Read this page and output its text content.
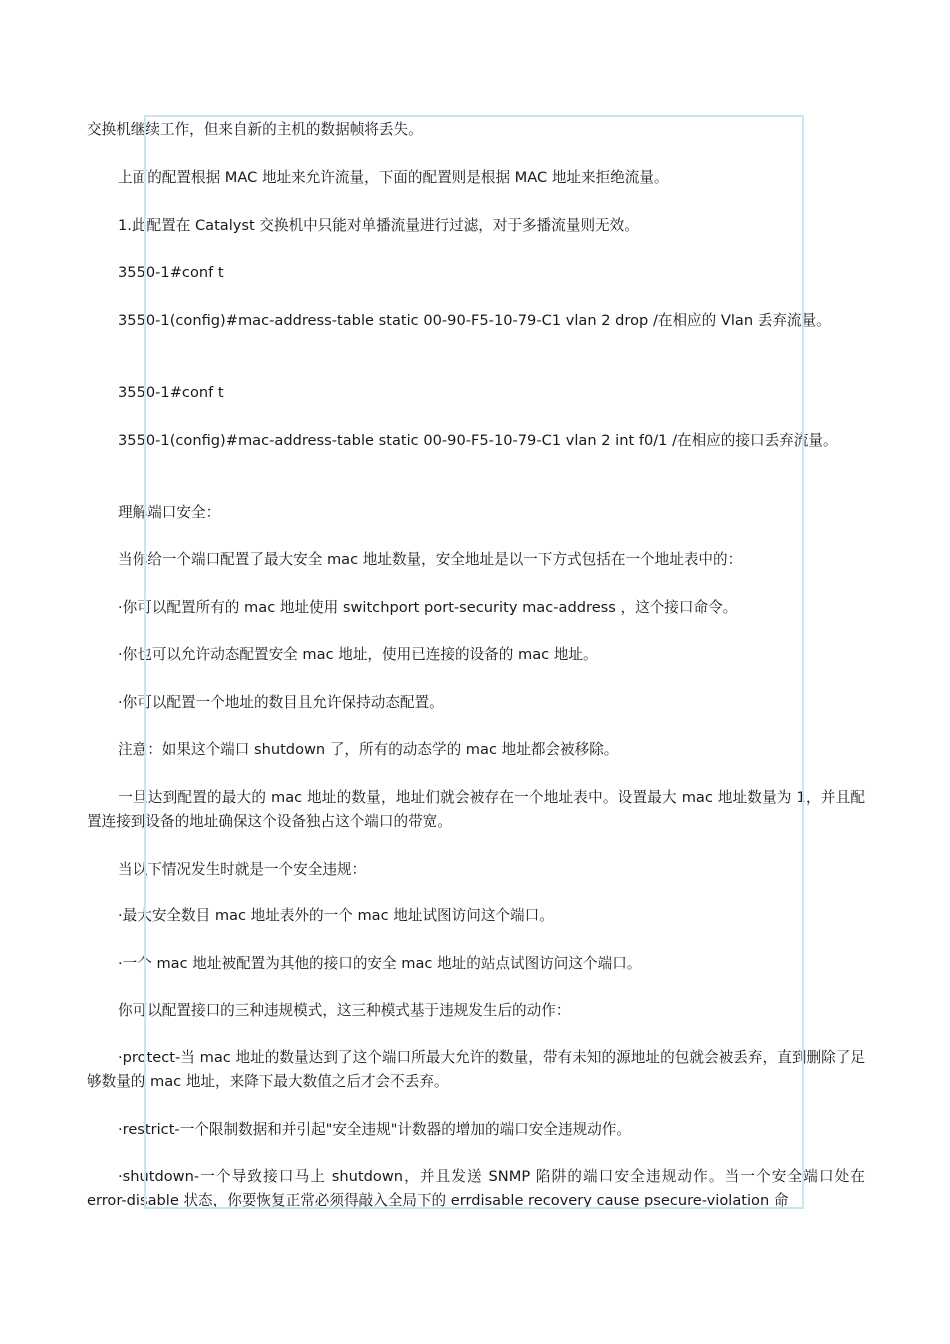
交换机继续工作，但来自新的主机的数据帧将丢失。

上面的配置根据 MAC 地址来允许流量，下面的配置则是根据 MAC 地址来拒绝流量。

1.此配置在 Catalyst 交换机中只能对单播流量进行过滤，对于多播流量则无效。

3550-1#conf t

3550-1(config)#mac-address-table static 00-90-F5-10-79-C1 vlan 2 drop /在相应的 Vlan 丢弃流量。

3550-1#conf t

3550-1(config)#mac-address-table static 00-90-F5-10-79-C1 vlan 2 int f0/1 /在相应的接口丢弃流量。

理解端口安全：

当你给一个端口配置了最大安全 mac 地址数量，安全地址是以一下方式包括在一个地址表中的：

·你可以配置所有的 mac 地址使用 switchport port-security mac-address ，这个接口命令。

·你也可以允许动态配置安全 mac 地址，使用已连接的设备的 mac 地址。

·你可以配置一个地址的数目且允许保持动态配置。

注意：如果这个端口 shutdown 了，所有的动态学的 mac 地址都会被移除。

一旦达到配置的最大的 mac 地址的数量，地址们就会被存在一个地址表中。设置最大 mac 地址数量为 1，并且配置连接到设备的地址确保这个设备独占这个端口的带宽。

当以下情况发生时就是一个安全违规：

·最大安全数目 mac 地址表外的一个 mac 地址试图访问这个端口。

·一个 mac 地址被配置为其他的接口的安全 mac 地址的站点试图访问这个端口。

你可以配置接口的三种违规模式，这三种模式基于违规发生后的动作：

·protect-当 mac 地址的数量达到了这个端口所最大允许的数量，带有未知的源地址的包就会被丢弃，直到删除了足够数量的 mac 地址，来降下最大数值之后才会不丢弃。

·restrict-一个限制数据和并引起"安全违规"计数器的增加的端口安全违规动作。

·shutdown-一个导致接口马上 shutdown，并且发送 SNMP 陷阱的端口安全违规动作。当一个安全端口处在 error-disable 状态，你要恢复正常必须得敲入全局下的 errdisable recovery cause psecure-violation 命
